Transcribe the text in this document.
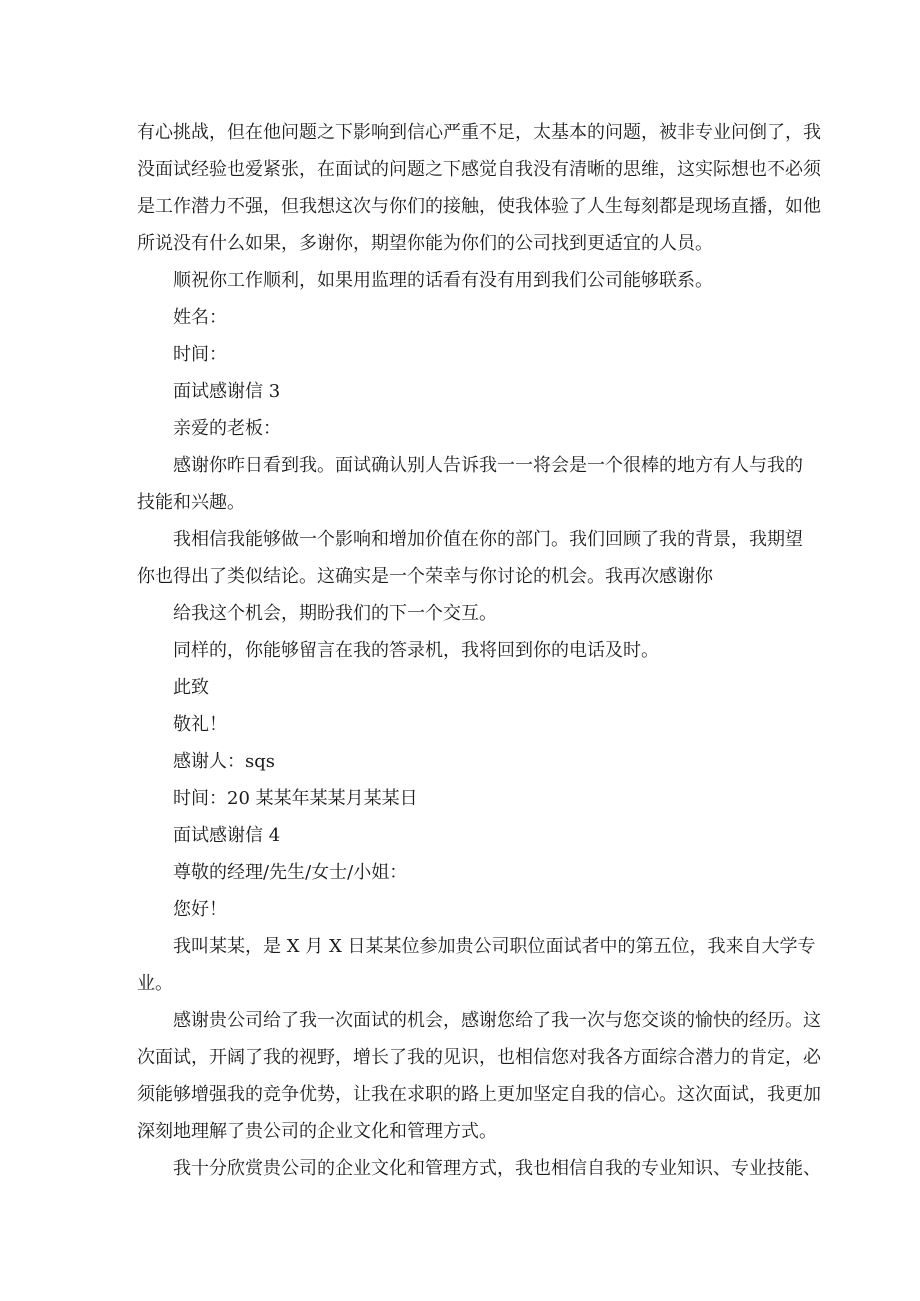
有心挑战，但在他问题之下影响到信心严重不足，太基本的问题，被非专业问倒了，我
没面试经验也爱紧张，在面试的问题之下感觉自我没有清晰的思维，这实际想也不必须
是工作潜力不强，但我想这次与你们的接触，使我体验了人生每刻都是现场直播，如他
所说没有什么如果，多谢你，期望你能为你们的公司找到更适宜的人员。
顺祝你工作顺利，如果用监理的话看有没有用到我们公司能够联系。
姓名：
时间：
面试感谢信 3
亲爱的老板：
感谢你昨日看到我。面试确认别人告诉我一一将会是一个很棒的地方有人与我的
技能和兴趣。
我相信我能够做一个影响和增加价值在你的部门。我们回顾了我的背景，我期望
你也得出了类似结论。这确实是一个荣幸与你讨论的机会。我再次感谢你
给我这个机会，期盼我们的下一个交互。
同样的，你能够留言在我的答录机，我将回到你的电话及时。
此致
敬礼！
感谢人：sqs
时间：20 某某年某某月某某日
面试感谢信 4
尊敬的经理/先生/女士/小姐：
您好！
我叫某某，是 X 月 X 日某某位参加贵公司职位面试者中的第五位，我来自大学专
业。
感谢贵公司给了我一次面试的机会，感谢您给了我一次与您交谈的愉快的经历。这
次面试，开阔了我的视野，增长了我的见识，也相信您对我各方面综合潜力的肯定，必
须能够增强我的竞争优势，让我在求职的路上更加坚定自我的信心。这次面试，我更加
深刻地理解了贵公司的企业文化和管理方式。
我十分欣赏贵公司的企业文化和管理方式，我也相信自我的专业知识、专业技能、
